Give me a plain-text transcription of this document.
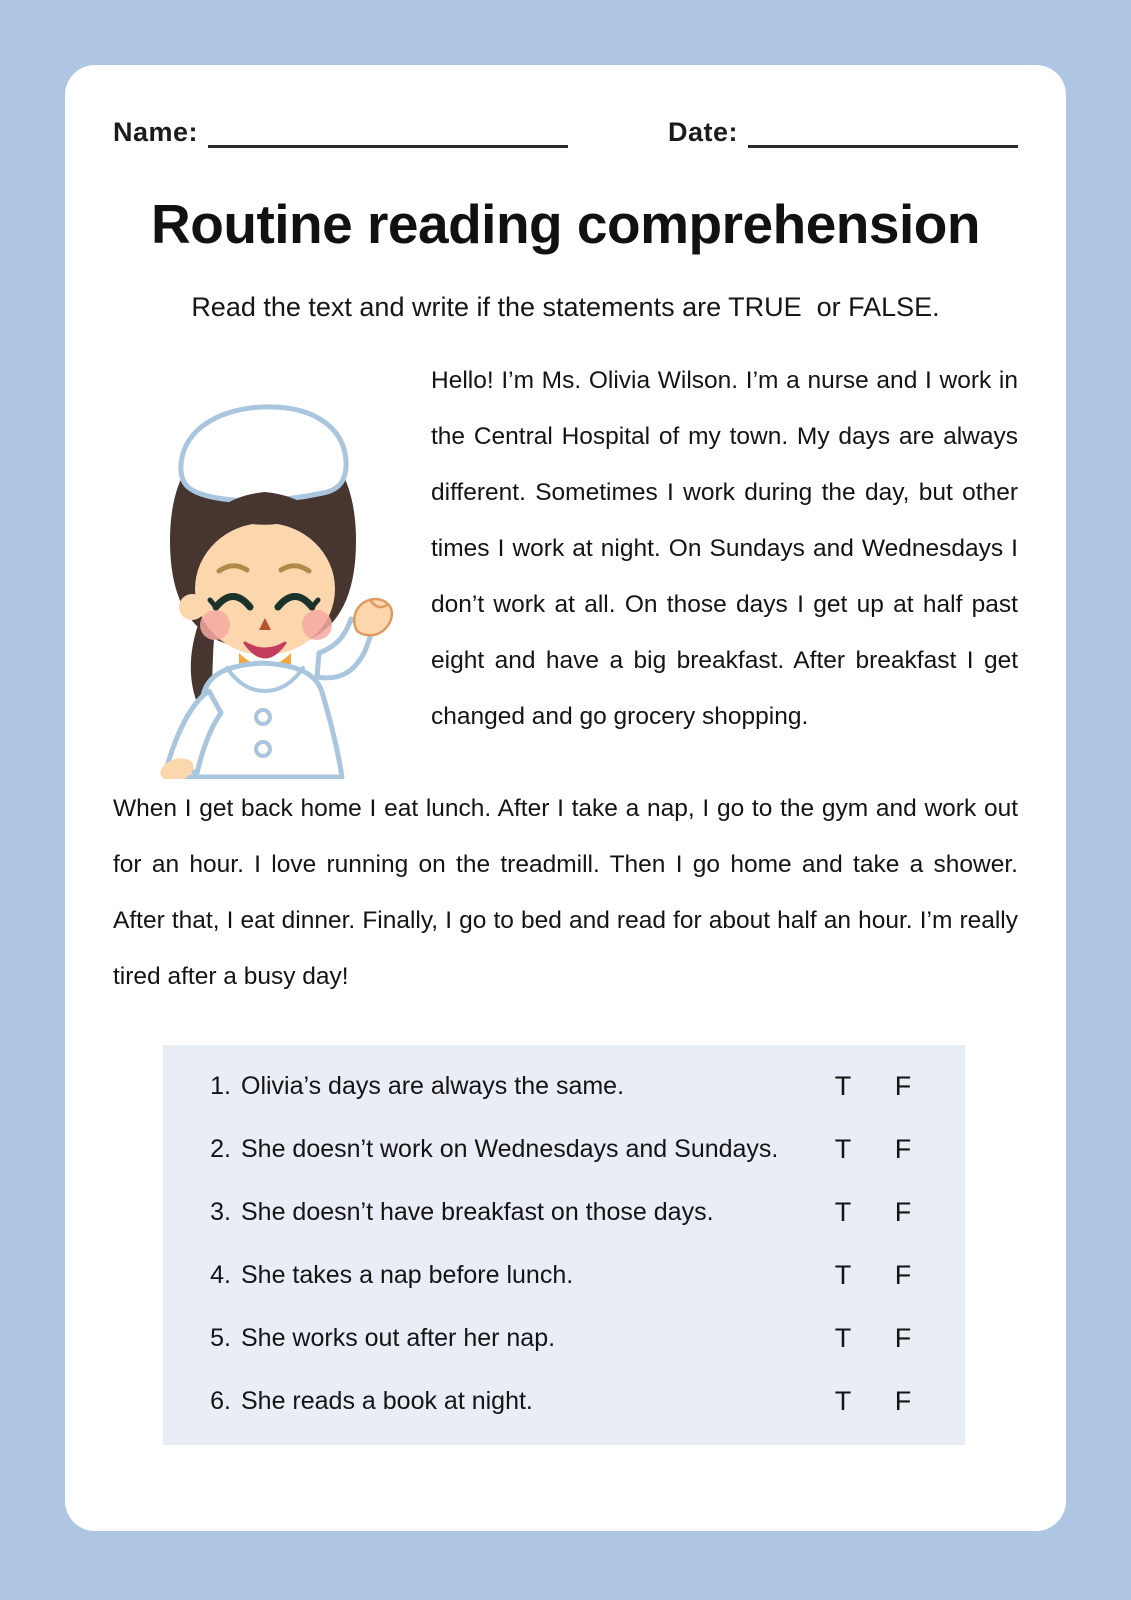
Name:	Date:
Routine reading comprehension
Read the text and write if the statements are TRUE  or FALSE.
Hello! I’m Ms. Olivia Wilson. I’m a nurse and I work in the Central Hospital of my town. My days are always different. Sometimes I work during the day, but other times I work at night. On Sundays and Wednesdays I don’t work at all. On those days I get up at half past eight and have a big breakfast. After breakfast I get changed and go grocery shopping.
When I get back home I eat lunch. After I take a nap, I go to the gym and work out for an hour. I love running on the treadmill. Then I go home and take a shower. After that, I eat dinner. Finally, I go to bed and read for about half an hour. I’m really tired after a busy day!
1. Olivia’s days are always the same.	T	F
2. She doesn’t work on Wednesdays and Sundays.	T	F
3. She doesn’t have breakfast on those days.	T	F
4. She takes a nap before lunch.	T	F
5. She works out after her nap.	T	F
6. She reads a book at night.	T	F
